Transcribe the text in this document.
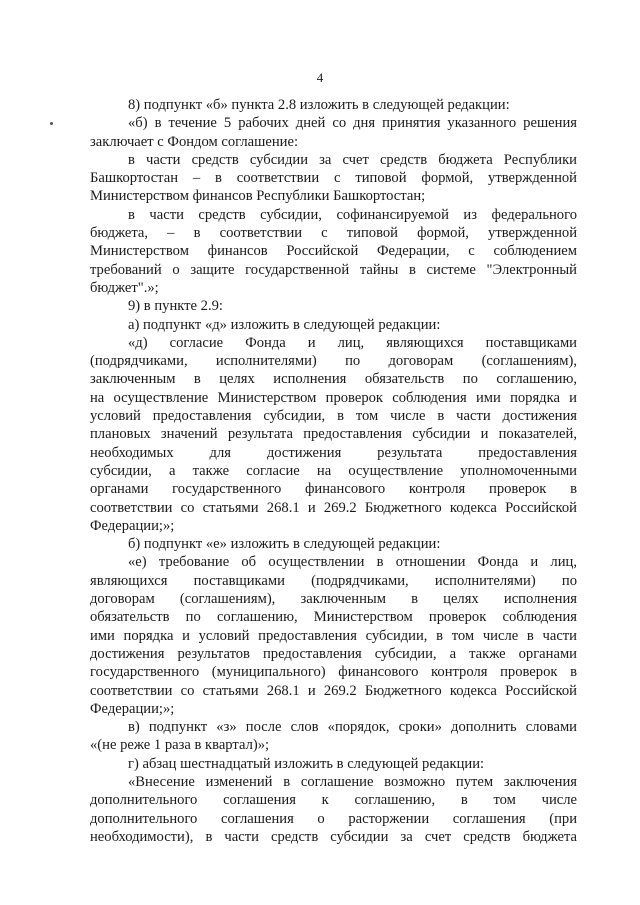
4
8) подпункт «б» пункта 2.8 изложить в следующей редакции:
«б) в течение 5 рабочих дней со дня принятия указанного решения
заключает с Фондом соглашение:
в части средств субсидии за счет средств бюджета Республики
Башкортостан – в соответствии с типовой формой, утвержденной
Министерством финансов Республики Башкортостан;
в части средств субсидии, софинансируемой из федерального
бюджета, – в соответствии с типовой формой, утвержденной
Министерством финансов Российской Федерации, с соблюдением
требований о защите государственной тайны в системе "Электронный
бюджет".»;
9) в пункте 2.9:
а) подпункт «д» изложить в следующей редакции:
«д) согласие Фонда и лиц, являющихся поставщиками
(подрядчиками, исполнителями) по договорам (соглашениям),
заключенным в целях исполнения обязательств по соглашению,
на осуществление Министерством проверок соблюдения ими порядка и
условий предоставления субсидии, в том числе в части достижения
плановых значений результата предоставления субсидии и показателей,
необходимых для достижения результата предоставления
субсидии, а также согласие на осуществление уполномоченными
органами государственного финансового контроля проверок в
соответствии со статьями 268.1 и 269.2 Бюджетного кодекса Российской
Федерации;»;
б) подпункт «е» изложить в следующей редакции:
«е) требование об осуществлении в отношении Фонда и лиц,
являющихся поставщиками (подрядчиками, исполнителями) по
договорам (соглашениям), заключенным в целях исполнения
обязательств по соглашению, Министерством проверок соблюдения
ими порядка и условий предоставления субсидии, в том числе в части
достижения результатов предоставления субсидии, а также органами
государственного (муниципального) финансового контроля проверок в
соответствии со статьями 268.1 и 269.2 Бюджетного кодекса Российской
Федерации;»;
в) подпункт «з» после слов «порядок, сроки» дополнить словами
«(не реже 1 раза в квартал)»;
г) абзац шестнадцатый изложить в следующей редакции:
«Внесение изменений в соглашение возможно путем заключения
дополнительного соглашения к соглашению, в том числе
дополнительного соглашения о расторжении соглашения (при
необходимости), в части средств субсидии за счет средств бюджета
